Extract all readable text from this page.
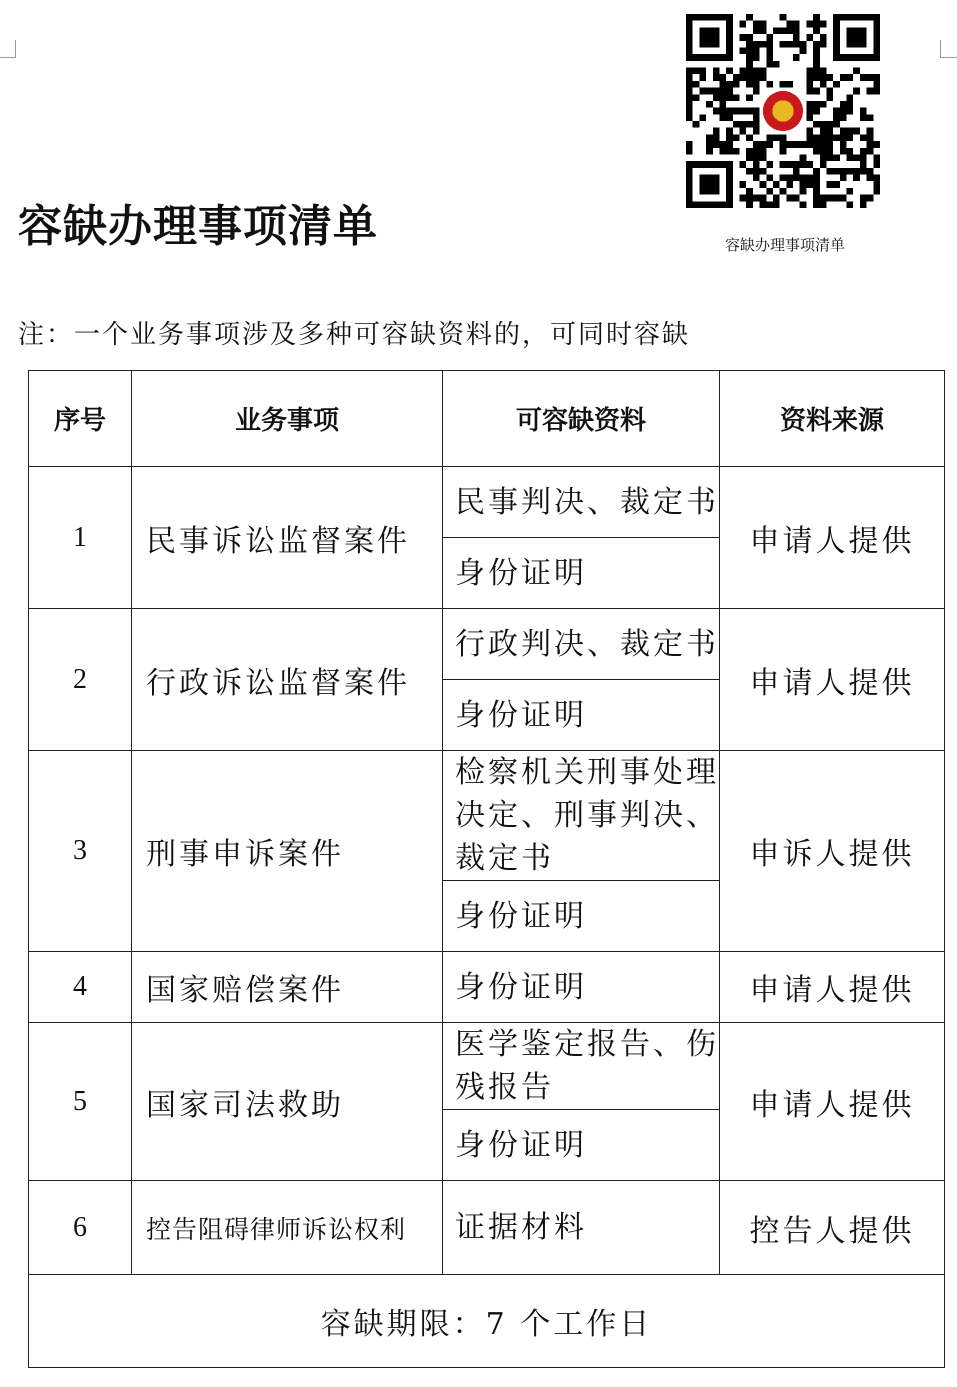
容缺办理事项清单	容缺办理事项清单
注：一个业务事项涉及多种可容缺资料的，可同时容缺
序号	业务事项	可容缺资料	资料来源
1	民事诉讼监督案件	民事判决、裁定书	申请人提供
		身份证明	
2	行政诉讼监督案件	行政判决、裁定书	申请人提供
		身份证明	
3	刑事申诉案件	检察机关刑事处理决定、刑事判决、裁定书	申诉人提供
		身份证明	
4	国家赔偿案件	身份证明	申请人提供
5	国家司法救助	医学鉴定报告、伤残报告	申请人提供
		身份证明	
6	控告阻碍律师诉讼权利	证据材料	控告人提供
容缺期限：7 个工作日			
